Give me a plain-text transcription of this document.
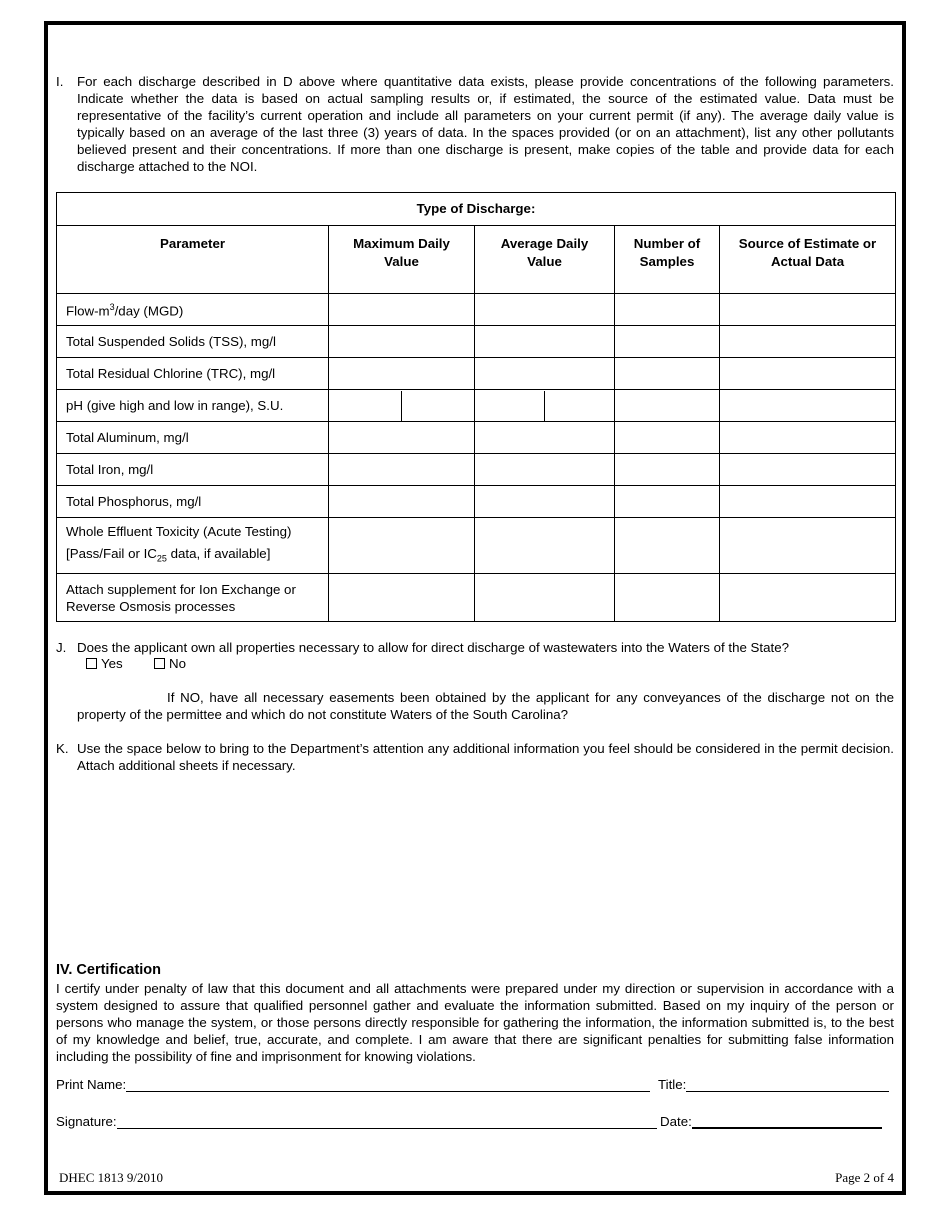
I. For each discharge described in D above where quantitative data exists, please provide concentrations of the following parameters. Indicate whether the data is based on actual sampling results or, if estimated, the source of the estimated value. Data must be representative of the facility’s current operation and include all parameters on your current permit (if any). The average daily value is typically based on an average of the last three (3) years of data. In the spaces provided (or on an attachment), list any other pollutants believed present and their concentrations. If more than one discharge is present, make copies of the table and provide data for each discharge attached to the NOI.
Type of Discharge:				
Parameter	Maximum Daily Value	Average Daily Value	Number of Samples	Source of Estimate or Actual Data
Flow-$m^3$/day (MGD)				
Total Suspended Solids (TSS), mg/l				
Total Residual Chlorine (TRC), mg/l				
pH (give high and low in range), S.U.	

Total Aluminum, mg/l				
Total Iron, mg/l				
Total Phosphorus, mg/l				

Whole Effluent Toxicity (Acute Testing)
[Pass/Fail or $IC_{25}$ data, if available]				

Attach supplement for Ion Exchange or
Reverse Osmosis processes				

J. Does the applicant own all properties necessary to allow for direct discharge of wastewaters into the Waters of the State?
Yes	No
If NO, have all necessary easements been obtained by the applicant for any conveyances of the discharge not on the property of the permittee and which do not constitute Waters of the South Carolina?
K. Use the space below to bring to the Department’s attention any additional information you feel should be considered in the permit decision. Attach additional sheets if necessary.
IV. Certification
I certify under penalty of law that this document and all attachments were prepared under my direction or supervision in accordance with a system designed to assure that qualified personnel gather and evaluate the information submitted. Based on my inquiry of the person or persons who manage the system, or those persons directly responsible for gathering the information, the information submitted is, to the best of my knowledge and belief, true, accurate, and complete. I am aware that there are significant penalties for submitting false information including the possibility of fine and imprisonment for knowing violations.
Print Name:	Title:
Signature:	Date:
DHEC 1813 9/2010	Page 2 of 4
